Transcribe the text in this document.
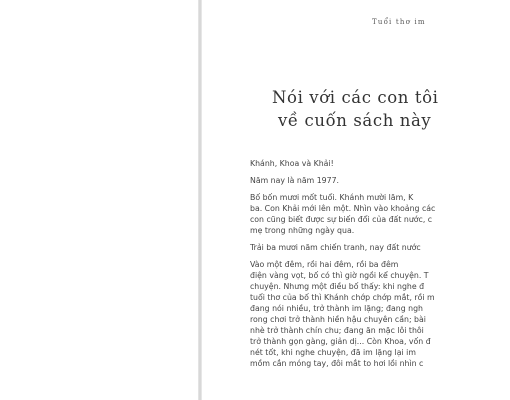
Tuổi thơ im
Nói với các con tôi
về cuốn sách này
Khánh, Khoa và Khải!
Năm nay là năm 1977.
Bố bốn mươi mốt tuổi. Khánh mười lăm, K
ba. Con Khải mới lên một. Nhìn vào khoảng các
con cũng biết được sự biến đổi của đất nước, c
mẹ trong những ngày qua.
Trải ba mươi năm chiến tranh, nay đất nước
Vào một đêm, rồi hai đêm, rồi ba đêm
điện vàng vọt, bố có thì giờ ngồi kể chuyện. T
chuyện. Nhưng một điều bố thấy: khi nghe đ
tuổi thơ của bố thì Khánh chớp chớp mắt, rồi m
đang nói nhiều, trở thành im lặng; đang ngh
rong chơi trở thành hiền hậu chuyên cần; bài
nhè trở thành chín chu; đang ăn mặc lôi thôi
trở thành gọn gàng, giản dị... Còn Khoa, vốn đ
nét tốt, khi nghe chuyện, đã im lặng lại im
mồm cắn móng tay, đôi mắt to hơi lồi nhìn c
